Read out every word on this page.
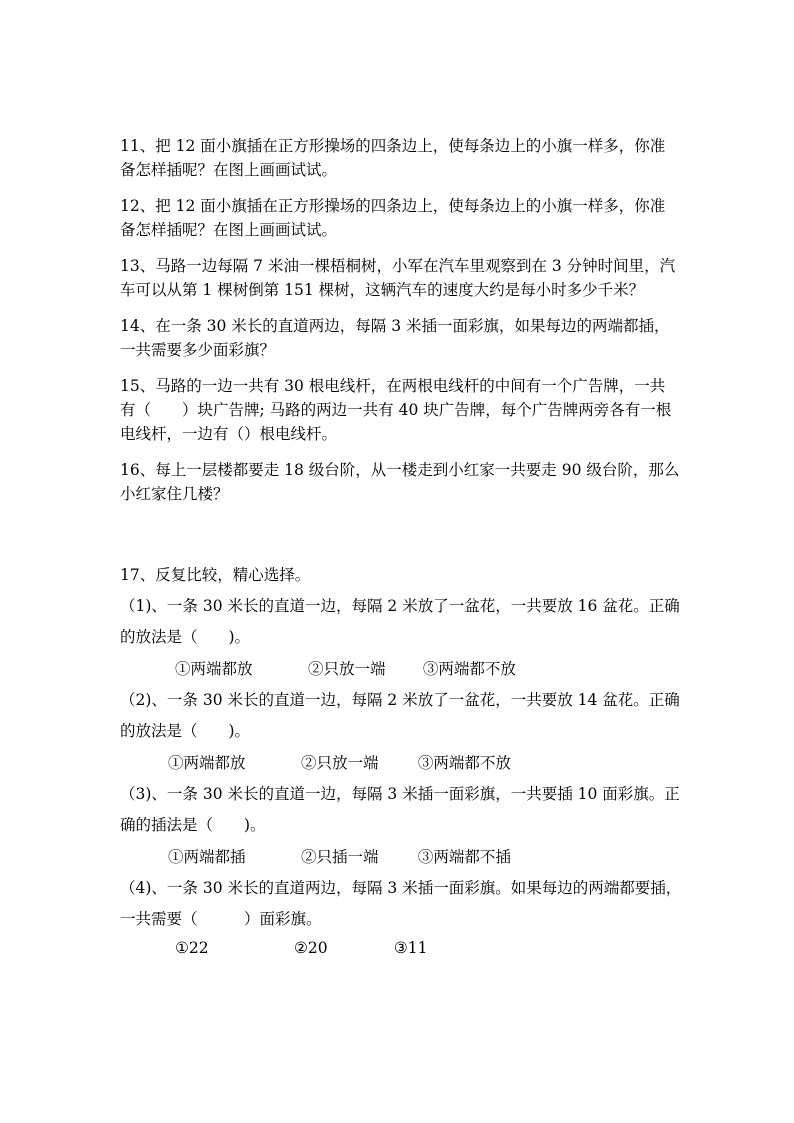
11、把 12 面小旗插在正方形操场的四条边上，使每条边上的小旗一样多，你准
备怎样插呢？在图上画画试试。
12、把 12 面小旗插在正方形操场的四条边上，使每条边上的小旗一样多，你准
备怎样插呢？在图上画画试试。
13、马路一边每隔 7 米油一棵梧桐树，小军在汽车里观察到在 3 分钟时间里，汽
车可以从第 1 棵树倒第 151 棵树，这辆汽车的速度大约是每小时多少千米？
14、在一条 30 米长的直道两边，每隔 3 米插一面彩旗，如果每边的两端都插，
一共需要多少面彩旗？
15、马路的一边一共有 30 根电线杆，在两根电线杆的中间有一个广告牌，一共
有（　　）块广告牌; 马路的两边一共有 40 块广告牌，每个广告牌两旁各有一根
电线杆，一边有（）根电线杆。
16、每上一层楼都要走 18 级台阶，从一楼走到小红家一共要走 90 级台阶，那么
小红家住几楼？
17、反复比较，精心选择。
（1)、一条 30 米长的直道一边，每隔 2 米放了一盆花，一共要放 16 盆花。正确
的放法是（　　)。
①两端都放	②只放一端 ③两端都不放
（2)、一条 30 米长的直道一边，每隔 2 米放了一盆花，一共要放 14 盆花。正确
的放法是（　　)。
①两端都放	②只放一端	③两端都不放
（3)、一条 30 米长的直道一边，每隔 3 米插一面彩旗，一共要插 10 面彩旗。正
确的插法是（　　)。
①两端都插	②只插一端	③两端都不插
（4)、一条 30 米长的直道两边，每隔 3 米插一面彩旗。如果每边的两端都要插，
一共需要（　　　）面彩旗。
①22	②20	③11
